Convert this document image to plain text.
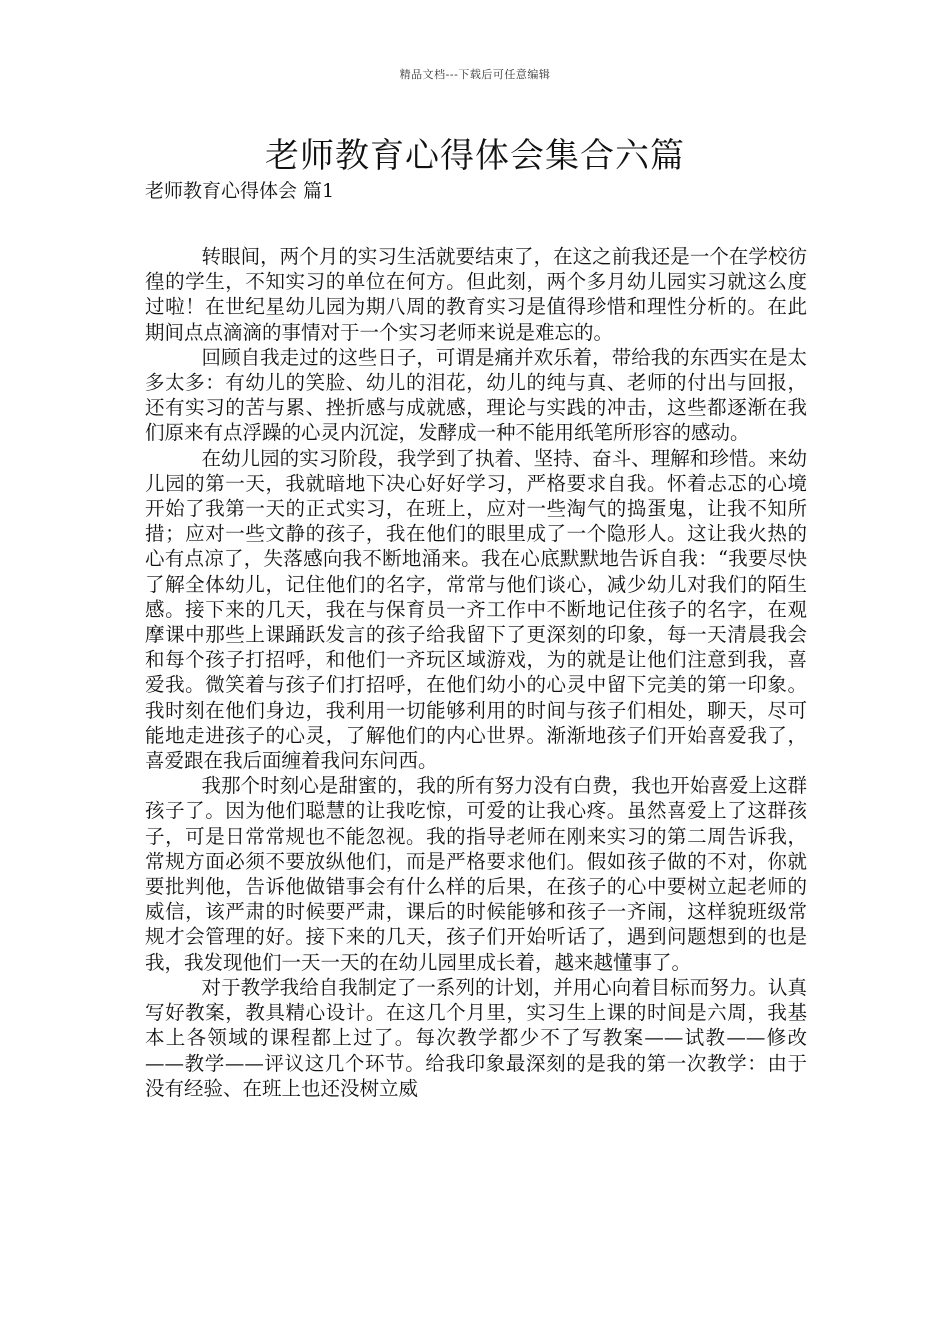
精品文档---下载后可任意编辑
老师教育心得体会集合六篇
老师教育心得体会 篇1

转眼间，两个月的实习生活就要结束了，在这之前我还是一个在学校彷徨的学生，不知实习的单位在何方。但此刻，两个多月幼儿园实习就这么度过啦！在世纪星幼儿园为期八周的教育实习是值得珍惜和理性分析的。在此期间点点滴滴的事情对于一个实习老师来说是难忘的。

回顾自我走过的这些日子，可谓是痛并欢乐着，带给我的东西实在是太多太多：有幼儿的笑脸、幼儿的泪花，幼儿的纯与真、老师的付出与回报，还有实习的苦与累、挫折感与成就感，理论与实践的冲击，这些都逐渐在我们原来有点浮躁的心灵内沉淀，发酵成一种不能用纸笔所形容的感动。

在幼儿园的实习阶段，我学到了执着、坚持、奋斗、理解和珍惜。来幼儿园的第一天，我就暗地下决心好好学习，严格要求自我。怀着忐忑的心境开始了我第一天的正式实习，在班上，应对一些淘气的捣蛋鬼，让我不知所措；应对一些文静的孩子，我在他们的眼里成了一个隐形人。这让我火热的心有点凉了，失落感向我不断地涌来。我在心底默默地告诉自我：“我要尽快了解全体幼儿，记住他们的名字，常常与他们谈心，减少幼儿对我们的陌生感。接下来的几天，我在与保育员一齐工作中不断地记住孩子的名字，在观摩课中那些上课踊跃发言的孩子给我留下了更深刻的印象，每一天清晨我会和每个孩子打招呼，和他们一齐玩区域游戏，为的就是让他们注意到我，喜爱我。微笑着与孩子们打招呼，在他们幼小的心灵中留下完美的第一印象。我时刻在他们身边，我利用一切能够利用的时间与孩子们相处，聊天，尽可能地走进孩子的心灵，了解他们的内心世界。渐渐地孩子们开始喜爱我了，喜爱跟在我后面缠着我问东问西。

我那个时刻心是甜蜜的，我的所有努力没有白费，我也开始喜爱上这群孩子了。因为他们聪慧的让我吃惊，可爱的让我心疼。虽然喜爱上了这群孩子，可是日常常规也不能忽视。我的指导老师在刚来实习的第二周告诉我，常规方面必须不要放纵他们，而是严格要求他们。假如孩子做的不对，你就要批判他，告诉他做错事会有什么样的后果，在孩子的心中要树立起老师的威信，该严肃的时候要严肃，课后的时候能够和孩子一齐闹，这样貌班级常规才会管理的好。接下来的几天，孩子们开始听话了，遇到问题想到的也是我，我发现他们一天一天的在幼儿园里成长着，越来越懂事了。

对于教学我给自我制定了一系列的计划，并用心向着目标而努力。认真写好教案，教具精心设计。在这几个月里，实习生上课的时间是六周，我基本上各领域的课程都上过了。每次教学都少不了写教案——试教——修改——教学——评议这几个环节。给我印象最深刻的是我的第一次教学：由于没有经验、在班上也还没树立威
